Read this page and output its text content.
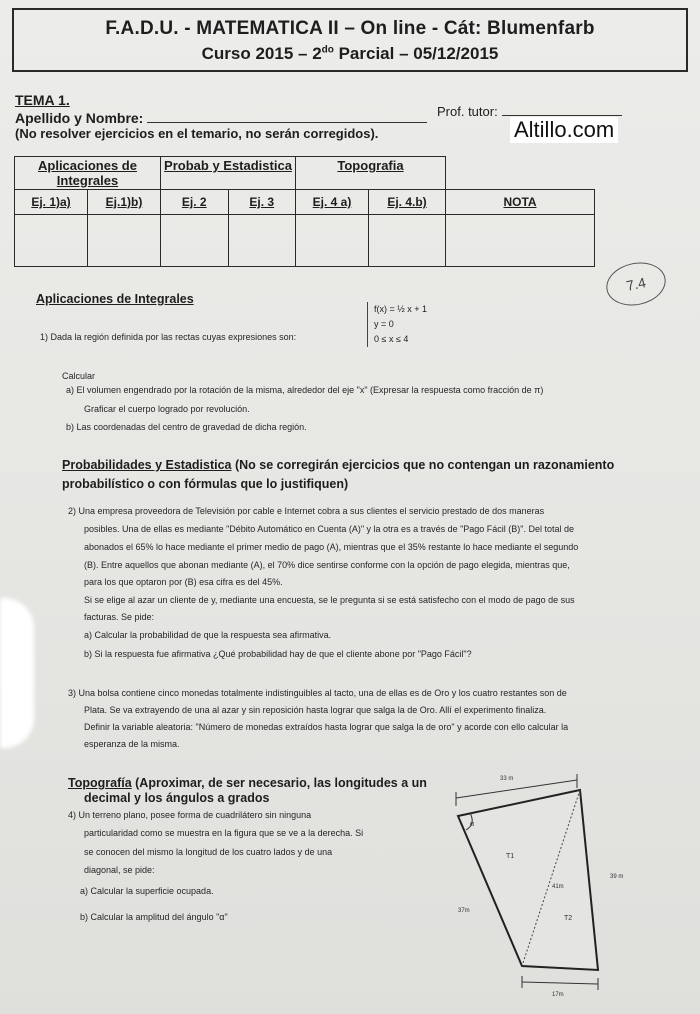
F.A.D.U. - MATEMATICA II – On line - Cát: Blumenfarb
Curso $2015 - 2^{do}$ Parcial – 05/12/2015
TEMA 1.
Apellido y Nombre:	Prof. tutor:
(No resolver ejercicios en el temario, no serán corregidos).	Altillo.com
Aplicaciones de Integrales		Probab y Estadistica		Topografia		
Ej. 1)a)	Ej.1)b)	Ej. 2	Ej. 3	Ej. 4 a)	Ej. 4.b)	NOTA

7.4
Aplicaciones de Integrales
1) Dada la región definida por las rectas cuyas expresiones son:
f(x) = ½ x + 1
y = 0
0 ≤ x ≤ 4
Calcular
a) El volumen engendrado por la rotación de la misma, alrededor del eje "x" (Expresar la respuesta como fracción de π)
Graficar el cuerpo logrado por revolución.
b) Las coordenadas del centro de gravedad de dicha región.
Probabilidades y Estadistica (No se corregirán ejercicios que no contengan un razonamiento
probabilístico o con fórmulas que lo justifiquen)
2) Una empresa proveedora de Televisión por cable e Internet cobra a sus clientes el servicio prestado de dos maneras
posibles. Una de ellas es mediante "Débito Automático en Cuenta (A)" y la otra es a través de "Pago Fácil (B)". Del total de
abonados el 65% lo hace mediante el primer medio de pago (A), mientras que el 35% restante lo hace mediante el segundo
(B). Entre aquellos que abonan mediante (A), el 70% dice sentirse conforme con la opción de pago elegida, mientras que,
para los que optaron por (B) esa cifra es del 45%.
Si se elige al azar un cliente de y, mediante una encuesta, se le pregunta si se está satisfecho con el modo de pago de sus
facturas. Se pide:
a) Calcular la probabilidad de que la respuesta sea afirmativa.
b) Si la respuesta fue afirmativa ¿Qué probabilidad hay de que el cliente abone por "Pago Fácil"?
3) Una bolsa contiene cinco monedas totalmente indistinguibles al tacto, una de ellas es de Oro y los cuatro restantes son de
Plata. Se va extrayendo de una al azar y sin reposición hasta lograr que salga la de Oro. Allí el experimento finaliza.
Definir la variable aleatoria: "Número de monedas extraídos hasta lograr que salga la de oro" y acorde con ello calcular la
esperanza de la misma.
Topografía (Aproximar, de ser necesario, las longitudes a un
decimal y los ángulos a grados
4) Un terreno plano, posee forma de cuadrilátero sin ninguna
particularidad como se muestra en la figura que se ve a la derecha. Si
se conocen del mismo la longitud de los cuatro lados y de una
diagonal, se pide:
a) Calcular la superficie ocupada.
b) Calcular la amplitud del ángulo "α"
33 m
α
T1
T2
41m
37m
39 m
17m
